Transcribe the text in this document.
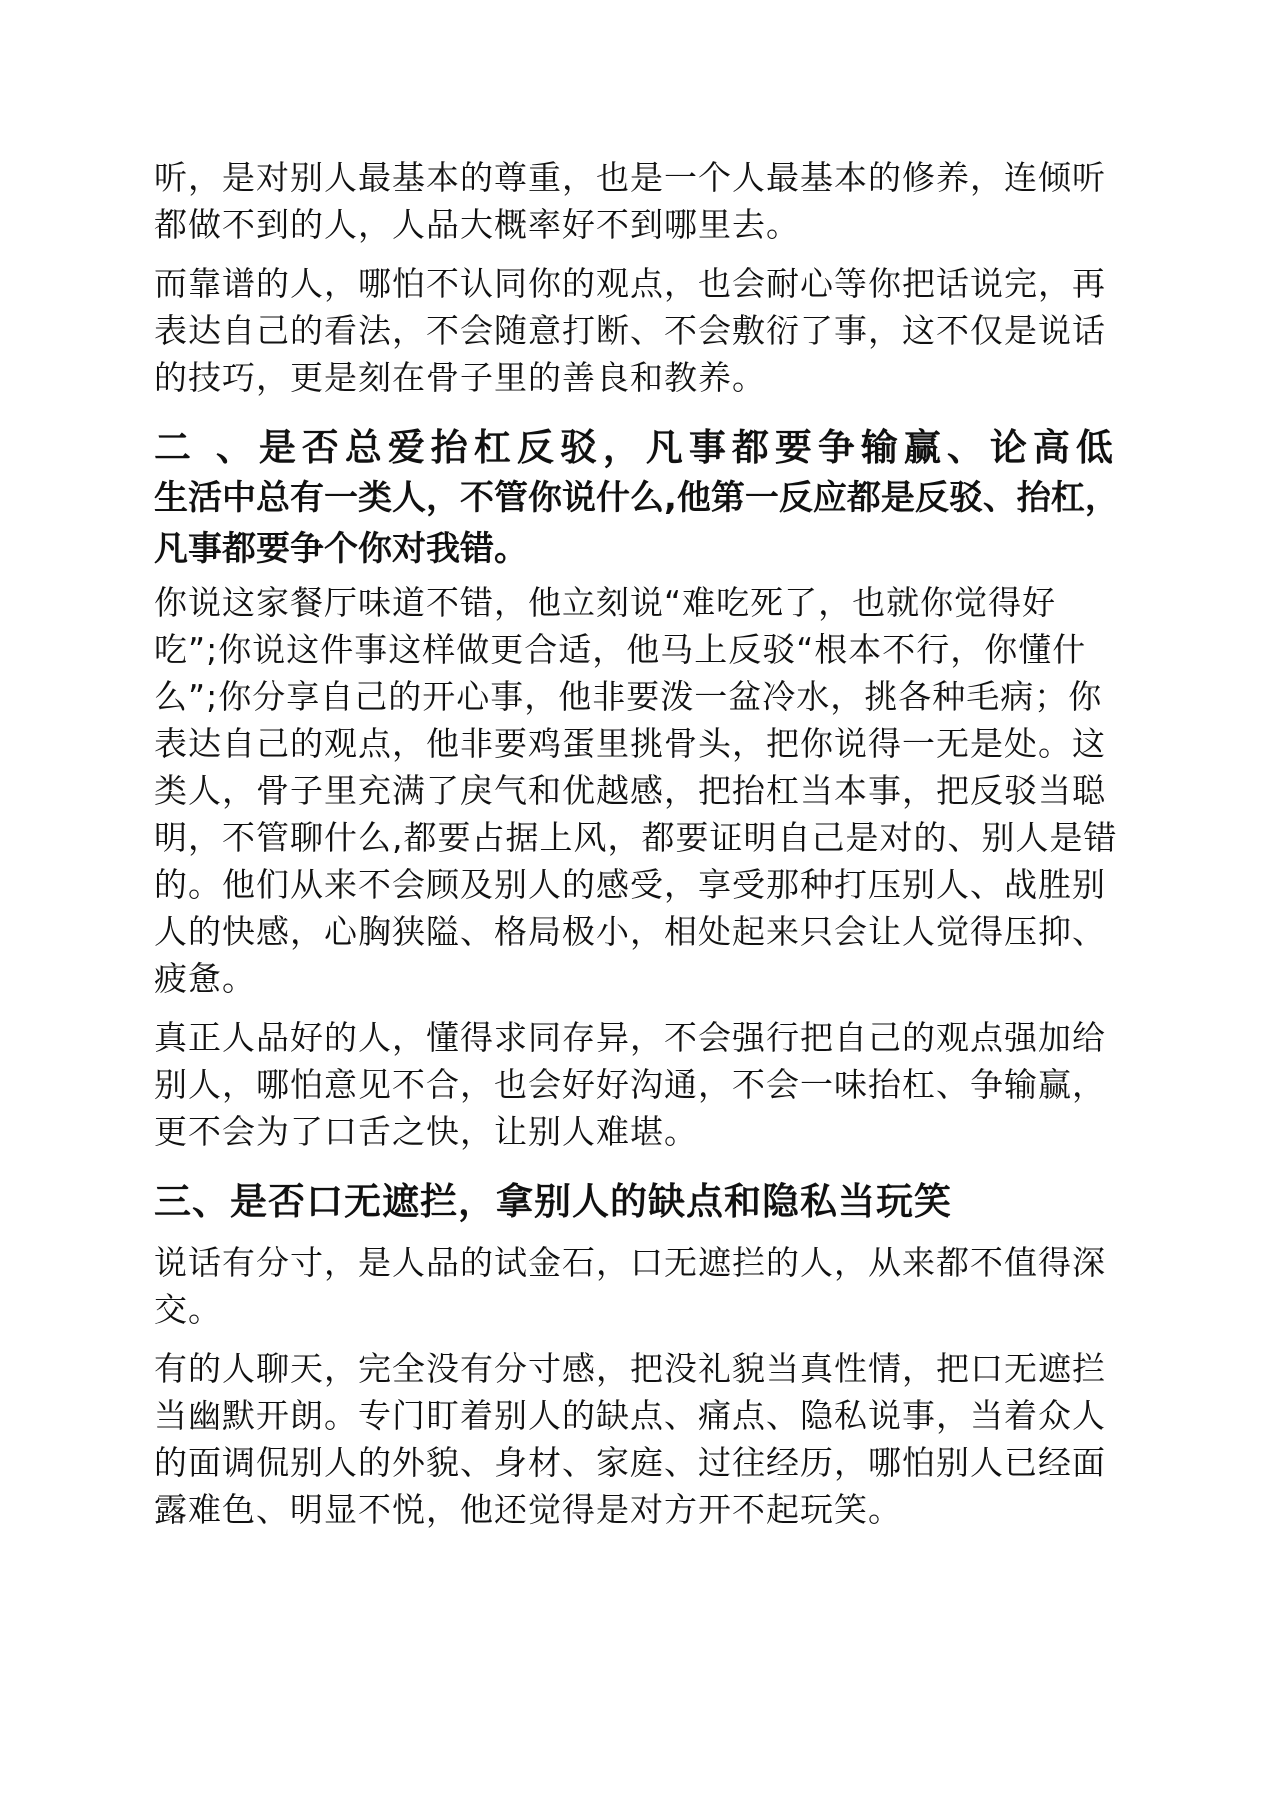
听，是对别人最基本的尊重，也是一个人最基本的修养，连倾听都做不到的人，人品大概率好不到哪里去。

而靠谱的人，哪怕不认同你的观点，也会耐心等你把话说完，再表达自己的看法，不会随意打断、不会敷衍了事，这不仅是说话的技巧，更是刻在骨子里的善良和教养。

二 、是否总爱抬杠反驳，凡事都要争输赢、论高低

生活中总有一类人，不管你说什么,他第一反应都是反驳、抬杠，凡事都要争个你对我错。

你说这家餐厅味道不错，他立刻说“难吃死了，也就你觉得好吃”;你说这件事这样做更合适，他马上反驳“根本不行，你懂什么”;你分享自己的开心事，他非要泼一盆冷水，挑各种毛病；你表达自己的观点，他非要鸡蛋里挑骨头，把你说得一无是处。这类人，骨子里充满了戾气和优越感，把抬杠当本事，把反驳当聪明，不管聊什么,都要占据上风，都要证明自己是对的、别人是错的。他们从来不会顾及别人的感受，享受那种打压别人、战胜别人的快感，心胸狭隘、格局极小，相处起来只会让人觉得压抑、疲惫。

真正人品好的人，懂得求同存异，不会强行把自己的观点强加给别人，哪怕意见不合，也会好好沟通，不会一味抬杠、争输赢，更不会为了口舌之快，让别人难堪。

三、是否口无遮拦，拿别人的缺点和隐私当玩笑

说话有分寸，是人品的试金石，口无遮拦的人，从来都不值得深交。

有的人聊天，完全没有分寸感，把没礼貌当真性情，把口无遮拦当幽默开朗。专门盯着别人的缺点、痛点、隐私说事，当着众人的面调侃别人的外貌、身材、家庭、过往经历，哪怕别人已经面露难色、明显不悦，他还觉得是对方开不起玩笑。
